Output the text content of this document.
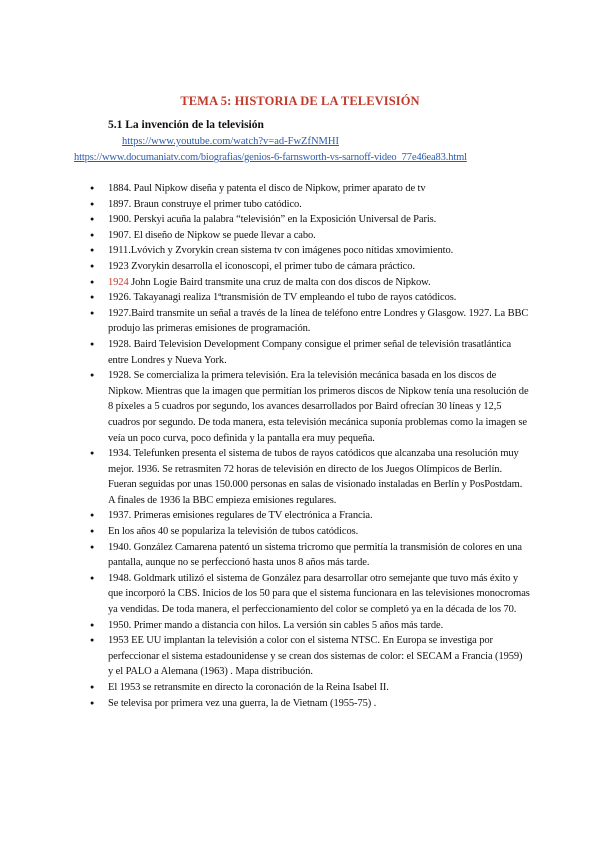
TEMA 5: HISTORIA DE LA TELEVISIÓN
5.1 La invención de la televisión
https://www.youtube.com/watch?v=ad-FwZfNMHI
https://www.documaniatv.com/biografias/genios-6-farnsworth-vs-sarnoff-video_77e46ea83.html
● 1884. Paul Nipkow diseña y patenta el disco de Nipkow, primer aparato de tv
● 1897. Braun construye el primer tubo catódico.
● 1900. Perskyi acuña la palabra “televisión” en la Exposición Universal de Paris.
● 1907. El diseño de Nipkow se puede llevar a cabo.
● 1911.Lvóvich y Zvorykin crean sistema tv con imágenes poco nítidas xmovimiento.
● 1923 Zvorykin desarrolla el iconoscopi, el primer tubo de cámara práctico.
● 1924 John Logie Baird transmite una cruz de malta con dos discos de Nipkow.
● 1926. Takayanagi realiza 1ªtransmisión de TV empleando el tubo de rayos catódicos.
● 1927.Baird transmite un señal a través de la línea de teléfono entre Londres y Glasgow. 1927. La BBC produjo las primeras emisiones de programación.
● 1928. Baird Television Development Company consigue el primer señal de televisión trasatlántica entre Londres y Nueva York.
● 1928. Se comercializa la primera televisión. Era la televisión mecánica basada en los discos de Nipkow. Mientras que la imagen que permitían los primeros discos de Nipkow tenía una resolución de 8 píxeles a 5 cuadros por segundo, los avances desarrollados por Baird ofrecían 30 líneas y 12,5 cuadros por segundo. De toda manera, esta televisión mecánica suponía problemas como la imagen se veía un poco curva, poco definida y la pantalla era muy pequeña.
● 1934. Telefunken presenta el sistema de tubos de rayos catódicos que alcanzaba una resolución muy mejor. 1936. Se retrasmiten 72 horas de televisión en directo de los Juegos Olímpicos de Berlín. Fueran seguidas por unas 150.000 personas en salas de visionado instaladas en Berlín y PosPostdam. A finales de 1936 la BBC empieza emisiones regulares.
● 1937. Primeras emisiones regulares de TV electrónica a Francia.
● En los años 40 se populariza la televisión de tubos catódicos.
● 1940. González Camarena patentó un sistema tricromo que permitía la transmisión de colores en una pantalla, aunque no se perfeccionó hasta unos 8 años más tarde.
● 1948. Goldmark utilizó el sistema de González para desarrollar otro semejante que tuvo más éxito y que incorporó la CBS. Inicios de los 50 para que el sistema funcionara en las televisiones monocromas ya vendidas. De toda manera, el perfeccionamiento del color se completó ya en la década de los 70.
● 1950. Primer mando a distancia con hilos. La versión sin cables 5 años más tarde.
● 1953 EE UU implantan la televisión a color con el sistema NTSC. En Europa se investiga por perfeccionar el sistema estadounidense y se crean dos sistemas de color: el SECAM a Francia (1959) y el PALO a Alemana (1963) . Mapa distribución.
● El 1953 se retransmite en directo la coronación de la Reina Isabel II.
● Se televisa por primera vez una guerra, la de Vietnam (1955-75) .
